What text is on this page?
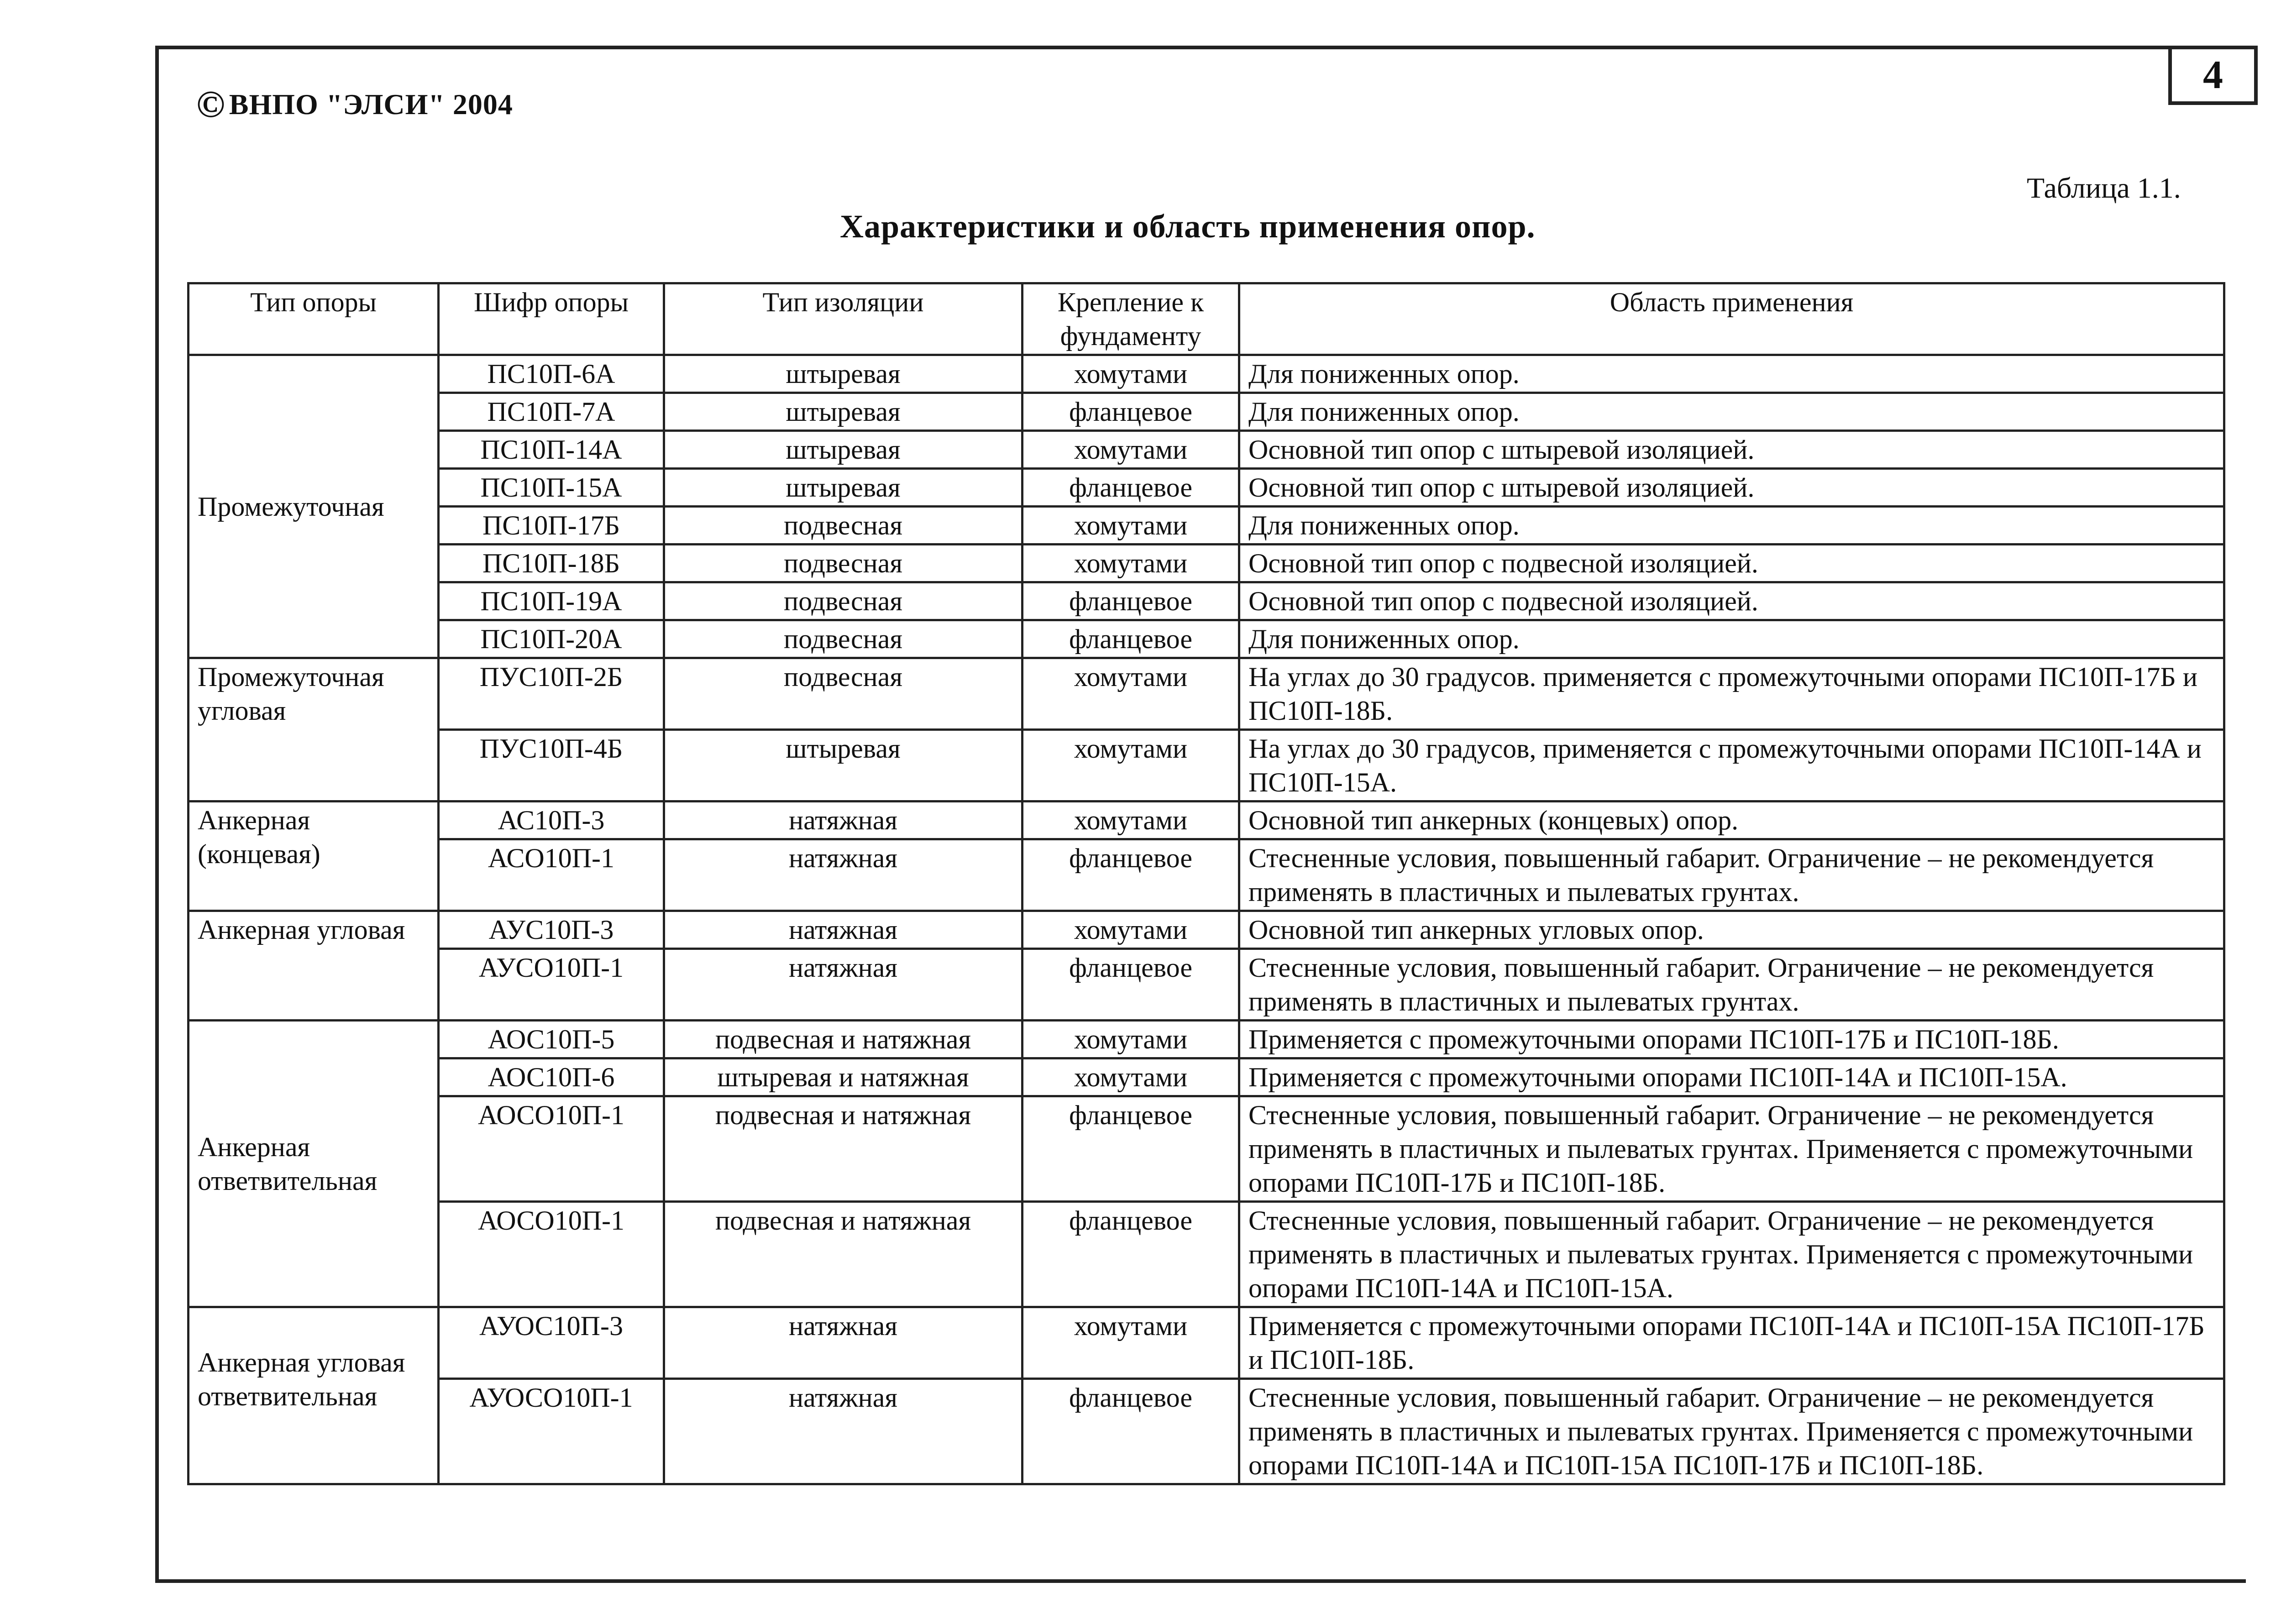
4
© ВНПО "ЭЛСИ" 2004
Таблица 1.1.
Характеристики и область применения опор.
Тип опоры	Шифр опоры	Тип изоляции	Крепление к фундаменту	Область применения
Промежуточная	ПС10П-6А	штыревая	хомутами	Для пониженных опор.
	ПС10П-7А	штыревая	фланцевое	Для пониженных опор.
	ПС10П-14А	штыревая	хомутами	Основной тип опор с штыревой изоляцией.
	ПС10П-15А	штыревая	фланцевое	Основной тип опор с штыревой изоляцией.
	ПС10П-17Б	подвесная	хомутами	Для пониженных опор.
	ПС10П-18Б	подвесная	хомутами	Основной тип опор с подвесной изоляцией.
	ПС10П-19А	подвесная	фланцевое	Основной тип опор с подвесной изоляцией.
	ПС10П-20А	подвесная	фланцевое	Для пониженных опор.
Промежуточная угловая	ПУС10П-2Б	подвесная	хомутами	На углах до 30 градусов. применяется с промежуточными опорами ПС10П-17Б и ПС10П-18Б.
	ПУС10П-4Б	штыревая	хомутами	На углах до 30 градусов, применяется с промежуточными опорами ПС10П-14А и ПС10П-15А.
Анкерная (концевая)	АС10П-3	натяжная	хомутами	Основной тип анкерных (концевых) опор.
	АСО10П-1	натяжная	фланцевое	Стесненные условия, повышенный габарит. Ограничение – не рекомендуется применять в пластичных и пылеватых грунтах.
Анкерная угловая	АУС10П-3	натяжная	хомутами	Основной тип анкерных угловых опор.
	АУСО10П-1	натяжная	фланцевое	Стесненные условия, повышенный габарит. Ограничение – не рекомендуется применять в пластичных и пылеватых грунтах.
Анкерная ответвительная	АОС10П-5	подвесная и натяжная	хомутами	Применяется с промежуточными опорами ПС10П-17Б и ПС10П-18Б.
	АОС10П-6	штыревая и натяжная	хомутами	Применяется с промежуточными опорами ПС10П-14А и ПС10П-15А.
	АОСО10П-1	подвесная и натяжная	фланцевое	Стесненные условия, повышенный габарит. Ограничение – не рекомендуется применять в пластичных и пылеватых грунтах. Применяется с промежуточными опорами ПС10П-17Б и ПС10П-18Б.
	АОСО10П-1	подвесная и натяжная	фланцевое	Стесненные условия, повышенный габарит. Ограничение – не рекомендуется применять в пластичных и пылеватых грунтах. Применяется с промежуточными опорами ПС10П-14А и ПС10П-15А.
Анкерная угловая ответвительная	АУОС10П-3	натяжная	хомутами	Применяется с промежуточными опорами ПС10П-14А и ПС10П-15А ПС10П-17Б и ПС10П-18Б.
	АУОСО10П-1	натяжная	фланцевое	Стесненные условия, повышенный габарит. Ограничение – не рекомендуется применять в пластичных и пылеватых грунтах. Применяется с промежуточными опорами ПС10П-14А и ПС10П-15А ПС10П-17Б и ПС10П-18Б.
